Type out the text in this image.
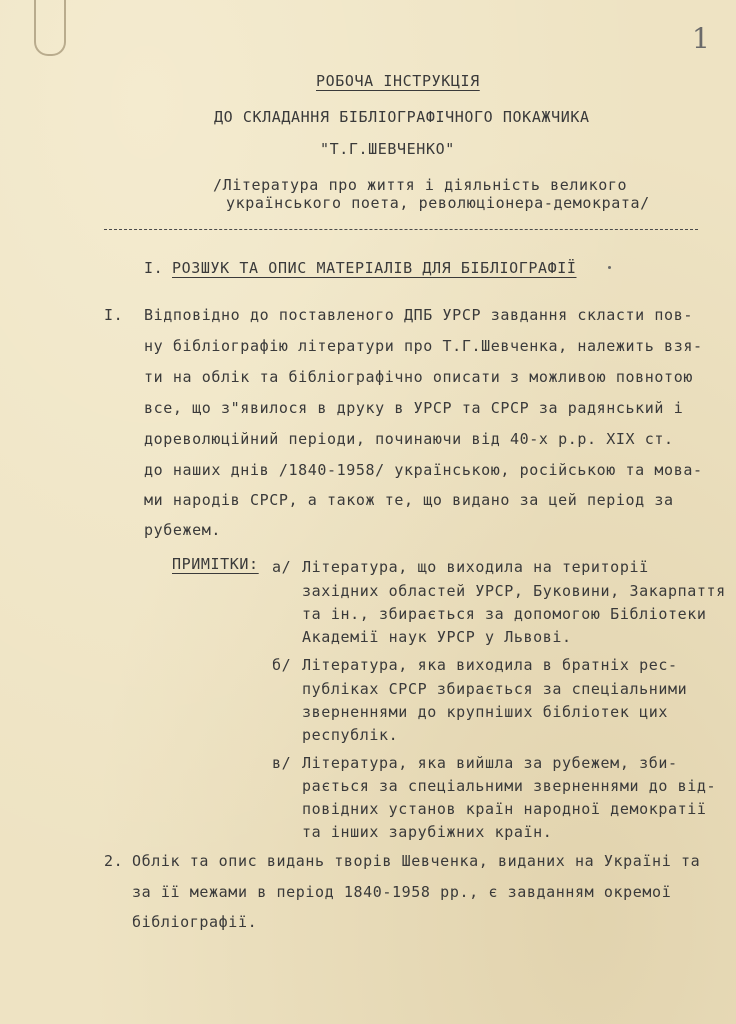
1
РОБОЧА ІНСТРУКЦІЯ
ДО СКЛАДАННЯ БІБЛІОГРАФІЧНОГО ПОКАЖЧИКА
"Т.Г.ШЕВЧЕНКО"
/Література про життя і діяльність великого
українського поета, революціонера-демократа/
І. РОЗШУК ТА ОПИС МАТЕРІАЛІВ ДЛЯ БІБЛІОГРАФІЇ
І. Відповідно до поставленого ДПБ УРСР завдання скласти пов-
ну бібліографію літератури про Т.Г.Шевченка, належить взя-
ти на облік та бібліографічно описати з можливою повнотою
все, що з"явилося в друку в УРСР та СРСР за радянський і
дореволюційний періоди, починаючи від 40-х р.р. XIX ст.
до наших днів /1840-1958/ українською, російською та мова-
ми народів СРСР, а також те, що видано за цей період за
рубежем.
ПРИМІТКИ: а/ Література, що виходила на території
західних областей УРСР, Буковини, Закарпаття
та ін., збирається за допомогою Бібліотеки
Академії наук УРСР у Львові.
б/ Література, яка виходила в братніх рес-
публіках СРСР збирається за спеціальними
зверненнями до крупніших бібліотек цих
республік.
в/ Література, яка вийшла за рубежем, зби-
рається за спеціальними зверненнями до від-
повідних установ країн народної демократії
та інших зарубіжних країн.
2. Облік та опис видань творів Шевченка, виданих на Україні та
за її межами в період 1840-1958 рр., є завданням окремої
бібліографії.
